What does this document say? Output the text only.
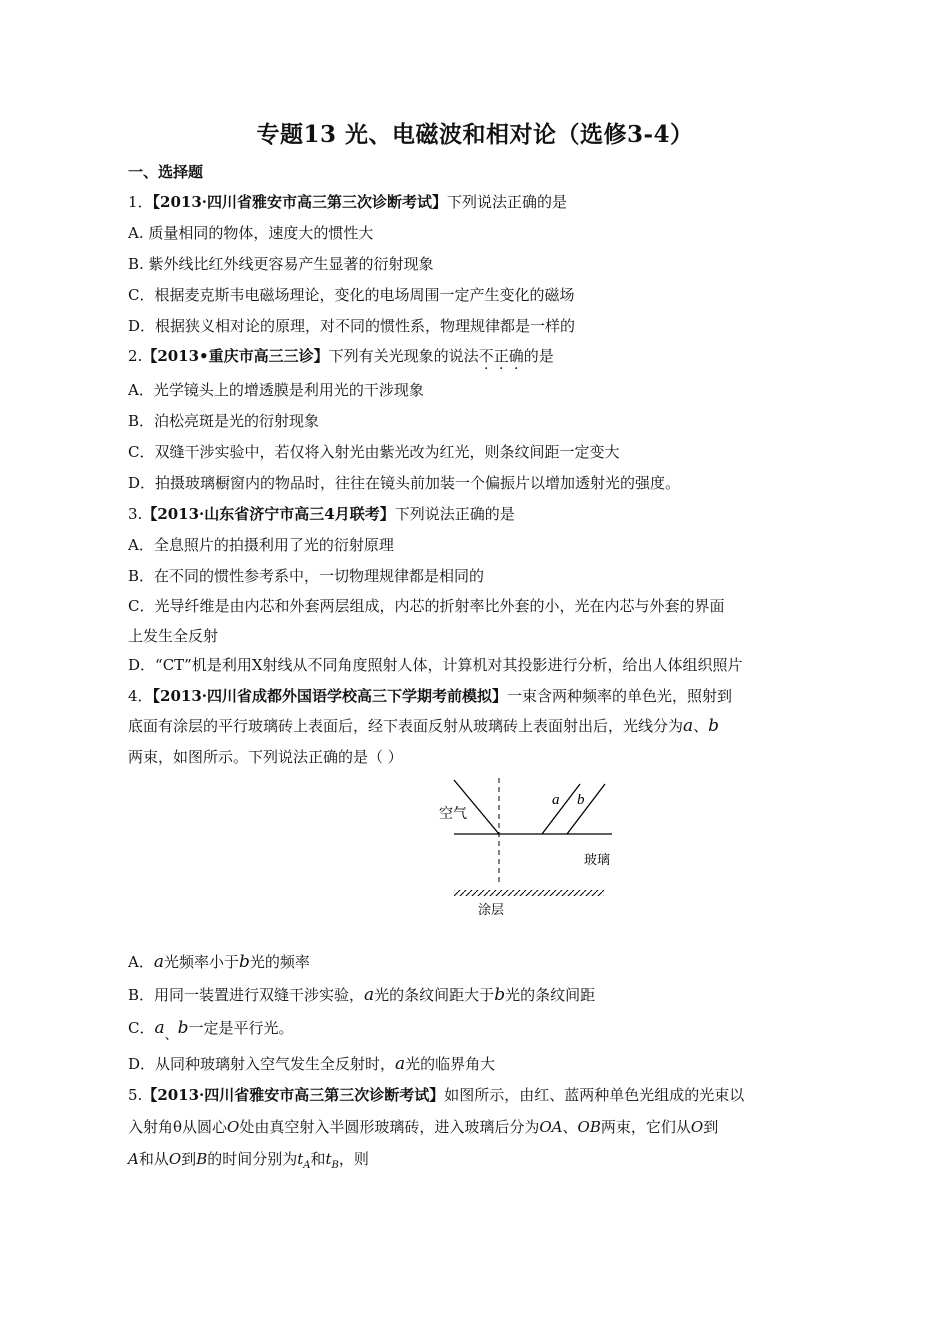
专题13 光、电磁波和相对论（选修3-4）
一、选择题
1．【2013·四川省雅安市高三第三次诊断考试】下列说法正确的是
A. 质量相同的物体，速度大的惯性大
B. 紫外线比红外线更容易产生显著的衍射现象
C．根据麦克斯韦电磁场理论，变化的电场周围一定产生变化的磁场
D．根据狭义相对论的原理，对不同的惯性系，物理规律都是一样的
2.【2013•重庆市高三三诊】下列有关光现象的说法不正确的是
A．光学镜头上的增透膜是利用光的干涉现象
B．泊松亮斑是光的衍射现象
C．双缝干涉实验中，若仅将入射光由紫光改为红光，则条纹间距一定变大
D．拍摄玻璃橱窗内的物品时，往往在镜头前加装一个偏振片以增加透射光的强度。
3.【2013·山东省济宁市高三4月联考】下列说法正确的是
A．全息照片的拍摄利用了光的衍射原理
B．在不同的惯性参考系中，一切物理规律都是相同的
C．光导纤维是由内芯和外套两层组成，内芯的折射率比外套的小，光在内芯与外套的界面
上发生全反射
D．“CT”机是利用X射线从不同角度照射人体，计算机对其投影进行分析，给出人体组织照片
4．【2013·四川省成都外国语学校高三下学期考前模拟】一束含两种频率的单色光，照射到
底面有涂层的平行玻璃砖上表面后，经下表面反射从玻璃砖上表面射出后，光线分为a、b
两束，如图所示。下列说法正确的是（ ）
空气
a b
玻璃
涂层
A．a光频率小于b光的频率
B．用同一装置进行双缝干涉实验，a光的条纹间距大于b光的条纹间距
C．a、b一定是平行光。
D．从同种玻璃射入空气发生全反射时，a光的临界角大
5.【2013·四川省雅安市高三第三次诊断考试】如图所示，由红、蓝两种单色光组成的光束以
入射角θ从圆心O处由真空射入半圆形玻璃砖，进入玻璃后分为OA、OB两束，它们从O到
A和从O到B的时间分别为$t_A$和$t_B$，则
